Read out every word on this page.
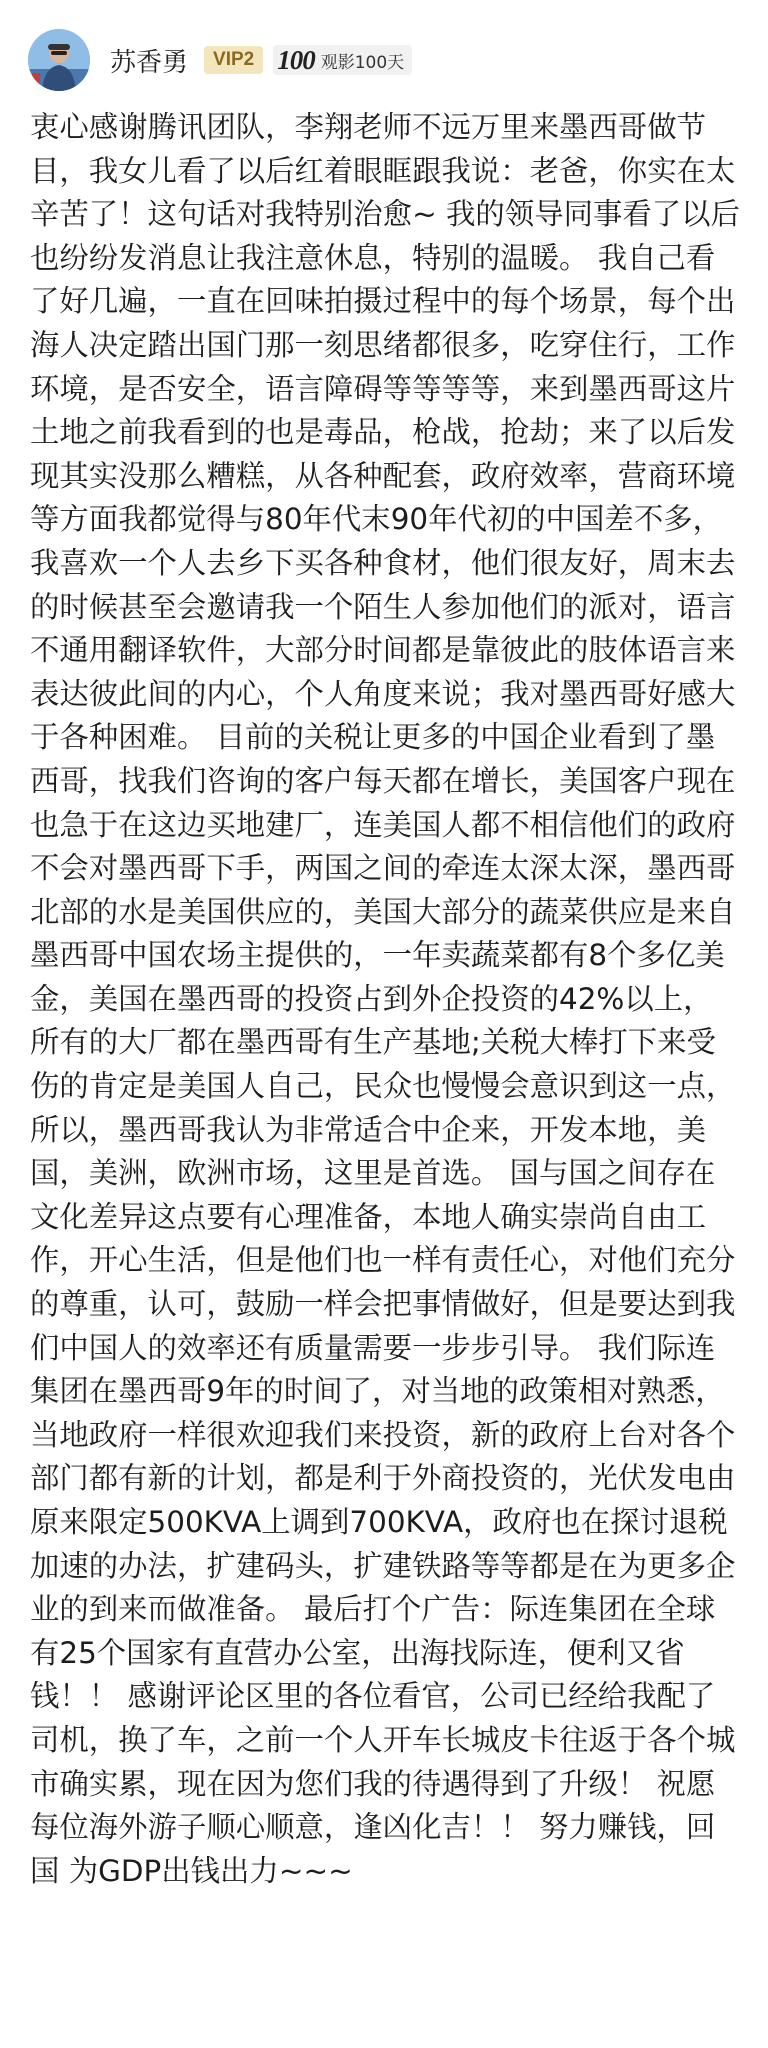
苏香勇	VIP2 100 观影100天

衷心感谢腾讯团队，李翔老师不远万里来墨西哥做节目，我女儿看了以后红着眼眶跟我说：老爸，你实在太辛苦了！这句话对我特别治愈~ 我的领导同事看了以后也纷纷发消息让我注意休息，特别的温暖。 我自己看了好几遍，一直在回味拍摄过程中的每个场景，每个出海人决定踏出国门那一刻思绪都很多，吃穿住行，工作环境，是否安全，语言障碍等等等等，来到墨西哥这片土地之前我看到的也是毒品，枪战，抢劫；来了以后发现其实没那么糟糕，从各种配套，政府效率，营商环境等方面我都觉得与80年代末90年代初的中国差不多，我喜欢一个人去乡下买各种食材，他们很友好，周末去的时候甚至会邀请我一个陌生人参加他们的派对，语言不通用翻译软件，大部分时间都是靠彼此的肢体语言来表达彼此间的内心，个人角度来说；我对墨西哥好感大于各种困难。 目前的关税让更多的中国企业看到了墨西哥，找我们咨询的客户每天都在增长，美国客户现在也急于在这边买地建厂，连美国人都不相信他们的政府不会对墨西哥下手，两国之间的牵连太深太深，墨西哥北部的水是美国供应的，美国大部分的蔬菜供应是来自墨西哥中国农场主提供的，一年卖蔬菜都有8个多亿美金，美国在墨西哥的投资占到外企投资的42%以上，所有的大厂都在墨西哥有生产基地;关税大棒打下来受伤的肯定是美国人自己，民众也慢慢会意识到这一点，所以，墨西哥我认为非常适合中企来，开发本地，美国，美洲，欧洲市场，这里是首选。 国与国之间存在文化差异这点要有心理准备，本地人确实崇尚自由工作，开心生活，但是他们也一样有责任心，对他们充分的尊重，认可，鼓励一样会把事情做好，但是要达到我们中国人的效率还有质量需要一步步引导。 我们际连集团在墨西哥9年的时间了，对当地的政策相对熟悉，当地政府一样很欢迎我们来投资，新的政府上台对各个部门都有新的计划，都是利于外商投资的，光伏发电由原来限定500KVA上调到700KVA，政府也在探讨退税加速的办法，扩建码头，扩建铁路等等都是在为更多企业的到来而做准备。 最后打个广告：际连集团在全球有25个国家有直营办公室，出海找际连，便利又省钱！！ 感谢评论区里的各位看官，公司已经给我配了司机，换了车，之前一个人开车长城皮卡往返于各个城市确实累，现在因为您们我的待遇得到了升级！ 祝愿每位海外游子顺心顺意，逢凶化吉！！ 努力赚钱，回国 为GDP出钱出力~~~
